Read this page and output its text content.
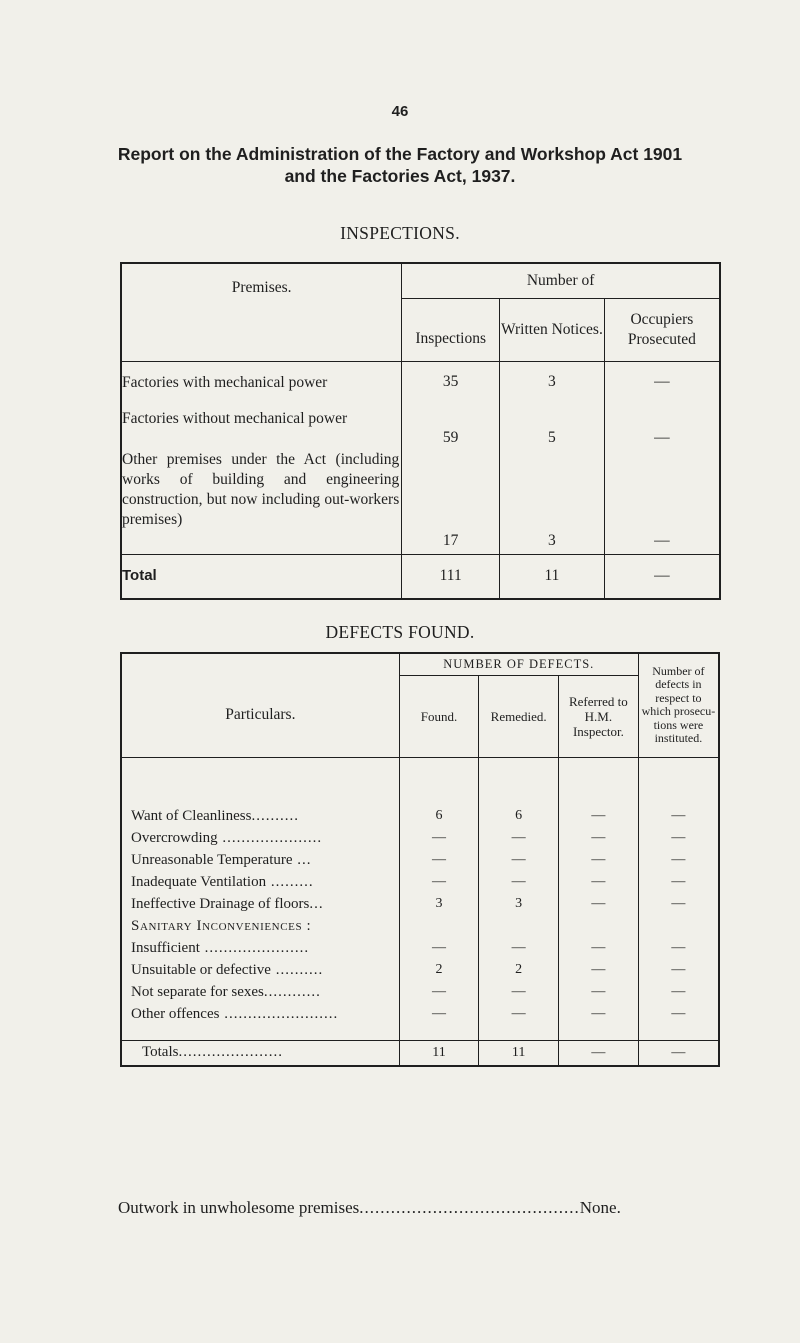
46
Report on the Administration of the Factory and Workshop Act 1901
and the Factories Act, 1937.
INSPECTIONS.
Premises.	Number of		
	Inspections	Written Notices.	Occupiers Prosecuted
Factories with mechanical power	35	3	—
Factories without mechanical power	59	5	—
Other premises under the Act (including works of building and engineering construction, but now including out-workers premises)	17	3	—
Total	111	11	—
DEFECTS FOUND.
Particulars.	NUMBER OF DEFECTS.			Number of defects in respect to which prosecu- tions were instituted.
	Found.	Remedied.	Referred to H.M. Inspector.	

Want of Cleanliness..........	6	6	—	—
Overcrowding .....................	—	—	—	—
Unreasonable Temperature ...	—	—	—	—
Inadequate Ventilation .........	—	—	—	—
Ineffective Drainage of floors...	3	3	—	—
Sanitary Inconveniences :				
Insufficient ......................	—	—	—	—
Unsuitable or defective ..........	2	2	—	—
Not separate for sexes............	—	—	—	—
Other offences ........................	—	—	—	—

Totals......................	11	11	—	—
Outwork in unwholesome premises..........................................None.
